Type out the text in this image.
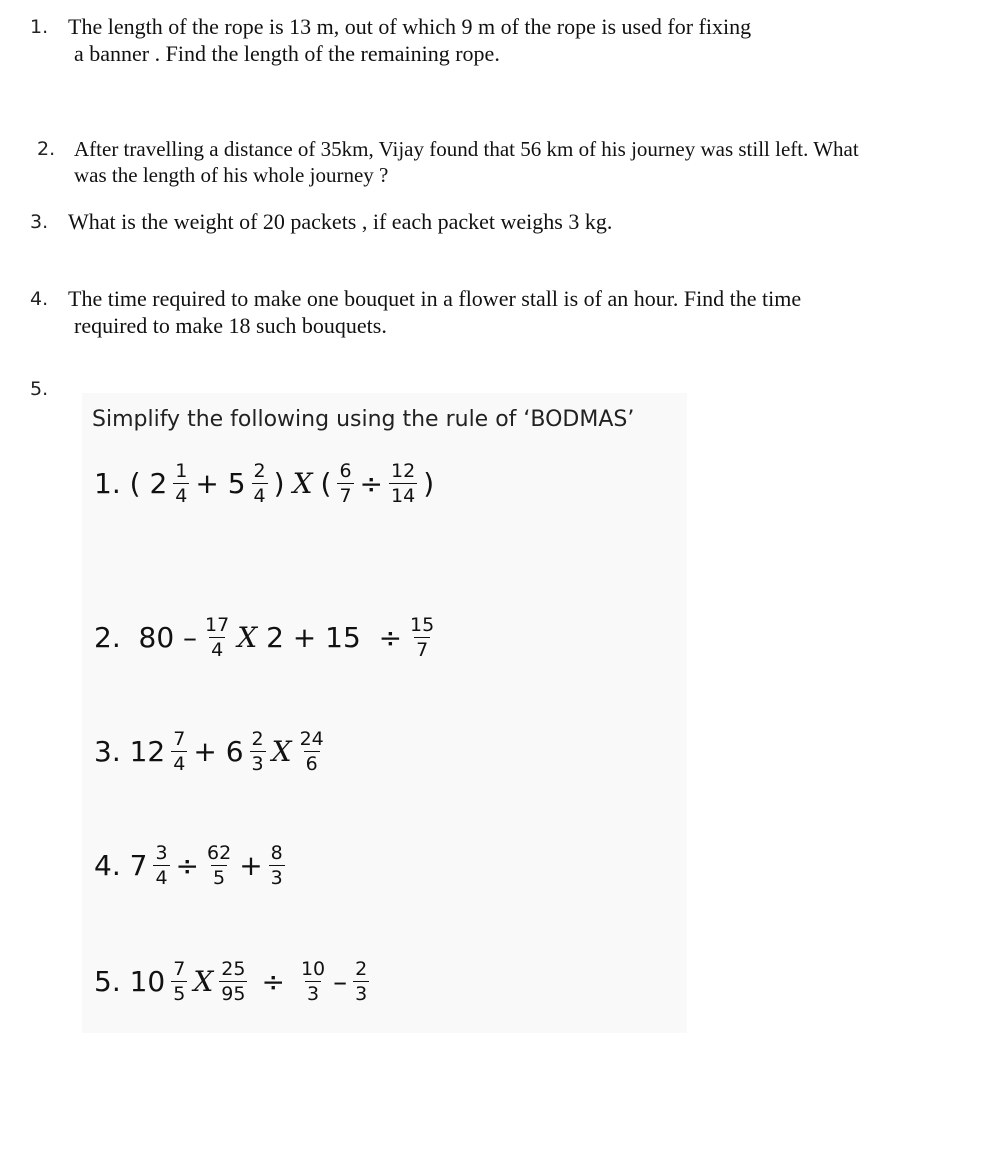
1. The length of the rope is 13 m, out of which 9 m of the rope is used for fixing
a banner . Find the length of the remaining rope.
2. After travelling a distance of 35km, Vijay found that 56 km of his journey was still left. What
was the length of his whole journey ?
3. What is the weight of 20 packets , if each packet weighs 3 kg.
4. The time required to make one bouquet in a flower stall is of an hour. Find the time
required to make 18 such bouquets.
5.
Simplify the following using the rule of ‘BODMAS’
1. ( $2 \frac{1}{4} + 5 \frac{2}{4}$ ) X ( $\frac{6}{7} \div \frac{12}{14}$ )
2.  $80 - \frac{17}{4}$ X $2 + 15 \div \frac{15}{7}$
3. $12 \frac{7}{4} + 6 \frac{2}{3}$ X $\frac{24}{6}$
4. $7 \frac{3}{4} \div \frac{62}{5} + \frac{8}{3}$
5. $10 \frac{7}{5}$ X $\frac{25}{95} \div \frac{10}{3} - \frac{2}{3}$
